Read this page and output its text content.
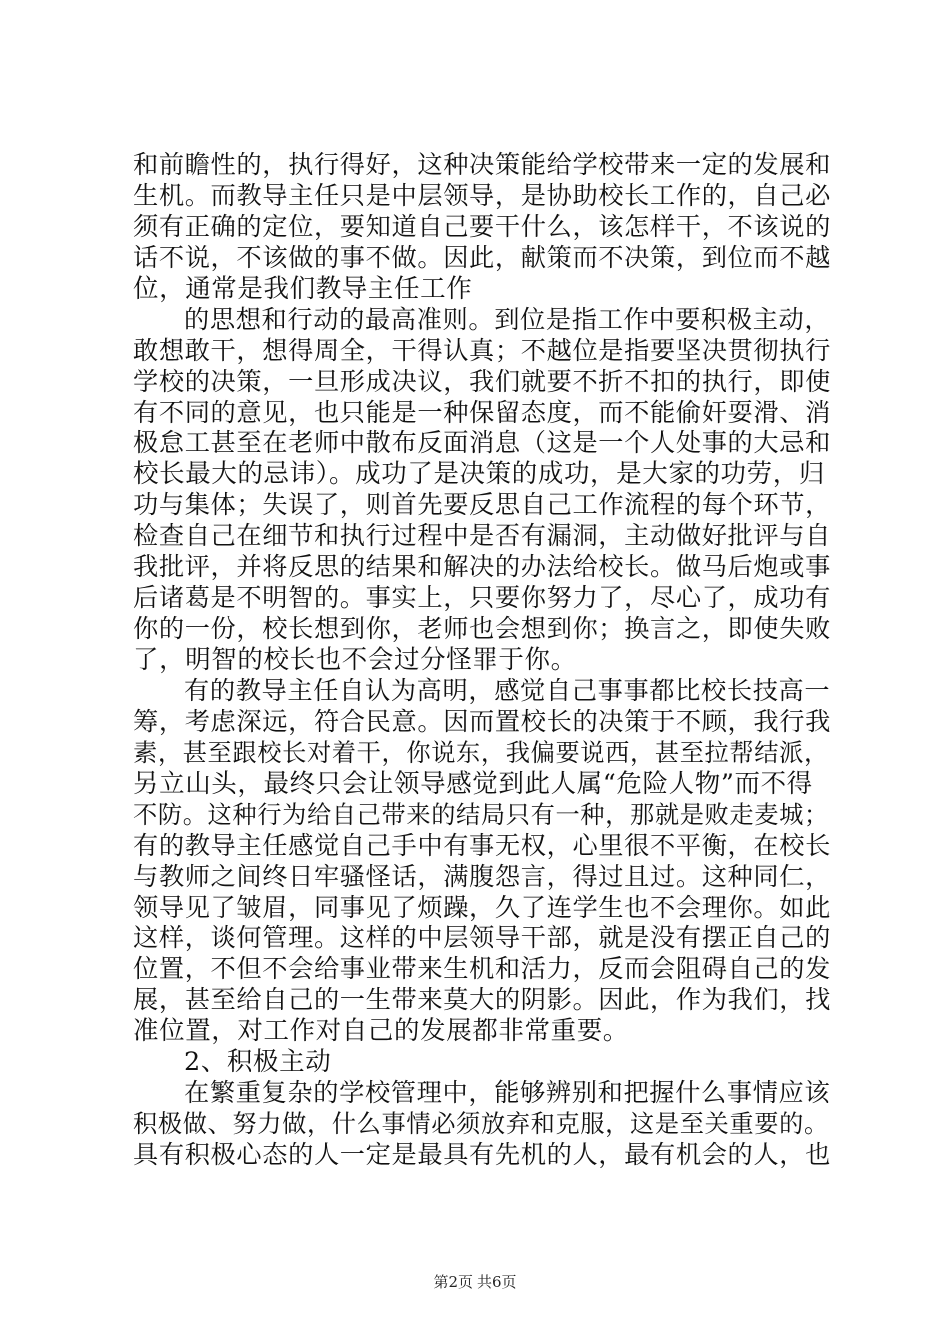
和前瞻性的，执行得好，这种决策能给学校带来一定的发展和
生机。而教导主任只是中层领导，是协助校长工作的，自己必
须有正确的定位，要知道自己要干什么，该怎样干，不该说的
话不说，不该做的事不做。因此，献策而不决策，到位而不越
位，通常是我们教导主任工作
的思想和行动的最高准则。到位是指工作中要积极主动，
敢想敢干，想得周全，干得认真；不越位是指要坚决贯彻执行
学校的决策，一旦形成决议，我们就要不折不扣的执行，即使
有不同的意见，也只能是一种保留态度，而不能偷奸耍滑、消
极怠工甚至在老师中散布反面消息（这是一个人处事的大忌和
校长最大的忌讳）。成功了是决策的成功，是大家的功劳，归
功与集体；失误了，则首先要反思自己工作流程的每个环节，
检查自己在细节和执行过程中是否有漏洞，主动做好批评与自
我批评，并将反思的结果和解决的办法给校长。做马后炮或事
后诸葛是不明智的。事实上，只要你努力了，尽心了，成功有
你的一份，校长想到你，老师也会想到你；换言之，即使失败
了，明智的校长也不会过分怪罪于你。
有的教导主任自认为高明，感觉自己事事都比校长技高一
筹，考虑深远，符合民意。因而置校长的决策于不顾，我行我
素，甚至跟校长对着干，你说东，我偏要说西，甚至拉帮结派，
另立山头，最终只会让领导感觉到此人属“危险人物”而不得
不防。这种行为给自己带来的结局只有一种，那就是败走麦城；
有的教导主任感觉自己手中有事无权，心里很不平衡，在校长
与教师之间终日牢骚怪话，满腹怨言，得过且过。这种同仁，
领导见了皱眉，同事见了烦躁，久了连学生也不会理你。如此
这样，谈何管理。这样的中层领导干部，就是没有摆正自己的
位置，不但不会给事业带来生机和活力，反而会阻碍自己的发
展，甚至给自己的一生带来莫大的阴影。因此，作为我们，找
准位置，对工作对自己的发展都非常重要。
2、积极主动
在繁重复杂的学校管理中，能够辨别和把握什么事情应该
积极做、努力做，什么事情必须放弃和克服，这是至关重要的。
具有积极心态的人一定是最具有先机的人，最有机会的人，也
第2页 共6页
